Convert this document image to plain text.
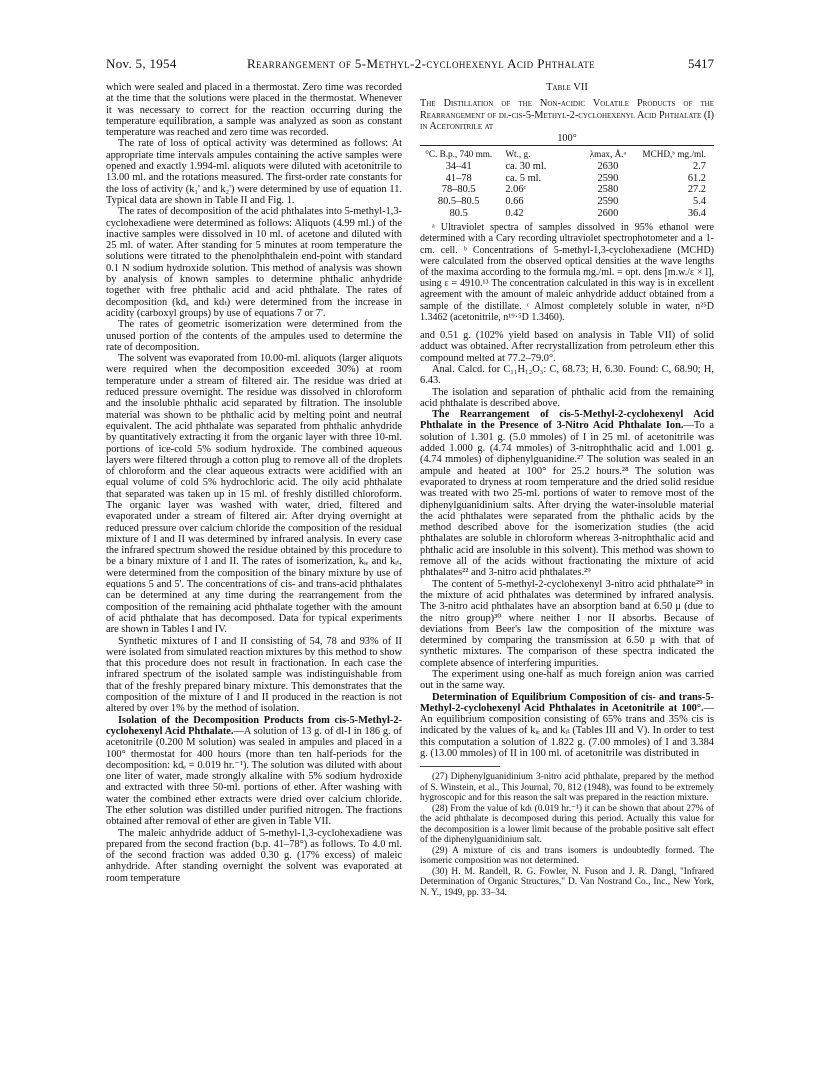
Nov. 5, 1954	Rearrangement of 5-Methyl-2-cyclohexenyl Acid Phthalate	5417

which were sealed and placed in a thermostat. Zero time was recorded at the time that the solutions were placed in the thermostat. Whenever it was necessary to correct for the reaction occurring during the temperature equilibration, a sample was analyzed as soon as constant temperature was reached and zero time was recorded.

The rate of loss of optical activity was determined as follows: At appropriate time intervals ampules containing the active samples were opened and exactly 1.994-ml. aliquots were diluted with acetonitrile to 13.00 ml. and the rotations measured. The first-order rate constants for the loss of activity (k₁' and k₂') were determined by use of equation 11. Typical data are shown in Table II and Fig. 1.

The rates of decomposition of the acid phthalates into 5-methyl-1,3-cyclohexadiene were determined as follows: Aliquots (4.99 ml.) of the inactive samples were dissolved in 10 ml. of acetone and diluted with 25 ml. of water. After standing for 5 minutes at room temperature the solutions were titrated to the phenolphthalein end-point with standard 0.1 N sodium hydroxide solution. This method of analysis was shown by analysis of known samples to determine phthalic anhydride together with free phthalic acid and acid phthalate. The rates of decomposition (kdₐ and kdₜ) were determined from the increase in acidity (carboxyl groups) by use of equations 7 or 7'.

The rates of geometric isomerization were determined from the unused portion of the contents of the ampules used to determine the rate of decomposition.

The solvent was evaporated from 10.00-ml. aliquots (larger aliquots were required when the decomposition exceeded 30%) at room temperature under a stream of filtered air. The residue was dried at reduced pressure overnight. The residue was dissolved in chloroform and the insoluble phthalic acid separated by filtration. The insoluble material was shown to be phthalic acid by melting point and neutral equivalent. The acid phthalate was separated from phthalic anhydride by quantitatively extracting it from the organic layer with three 10-ml. portions of ice-cold 5% sodium hydroxide. The combined aqueous layers were filtered through a cotton plug to remove all of the droplets of chloroform and the clear aqueous extracts were acidified with an equal volume of cold 5% hydrochloric acid. The oily acid phthalate that separated was taken up in 15 ml. of freshly distilled chloroform. The organic layer was washed with water, dried, filtered and evaporated under a stream of filtered air. After drying overnight at reduced pressure over calcium chloride the composition of the residual mixture of I and II was determined by infrared analysis. In every case the infrared spectrum showed the residue obtained by this procedure to be a binary mixture of I and II. The rates of isomerization, kᵢₑ and kᵢₜ, were determined from the composition of the binary mixture by use of equations 5 and 5'. The concentrations of cis- and trans-acid phthalates can be determined at any time during the rearrangement from the composition of the remaining acid phthalate together with the amount of acid phthalate that has decomposed. Data for typical experiments are shown in Tables I and IV.

Synthetic mixtures of I and II consisting of 54, 78 and 93% of II were isolated from simulated reaction mixtures by this method to show that this procedure does not result in fractionation. In each case the infrared spectrum of the isolated sample was indistinguishable from that of the freshly prepared binary mixture. This demonstrates that the composition of the mixture of I and II produced in the reaction is not altered by over 1% by the method of isolation.

Isolation of the Decomposition Products from cis-5-Methyl-2-cyclohexenyl Acid Phthalate.—A solution of 13 g. of dl-I in 186 g. of acetonitrile (0.200 M solution) was sealed in ampules and placed in a 100° thermostat for 400 hours (more than ten half-periods for the decomposition: kdₑ = 0.019 hr.⁻¹). The solution was diluted with about one liter of water, made strongly alkaline with 5% sodium hydroxide and extracted with three 50-ml. portions of ether. After washing with water the combined ether extracts were dried over calcium chloride. The ether solution was distilled under purified nitrogen. The fractions obtained after removal of ether are given in Table VII.

The maleic anhydride adduct of 5-methyl-1,3-cyclohexadiene was prepared from the second fraction (b.p. 41–78°) as follows. To 4.0 ml. of the second fraction was added 0.30 g. (17% excess) of maleic anhydride. After standing overnight the solvent was evaporated at room temperature

Table VII
The Distillation of the Non-acidic Volatile Products of the Rearrangement of dl-cis-5-Methyl-2-cyclohexenyl Acid Phthalate (I) in Acetonitrile at
100°
°C. B.p., 740 mm.	Wt., g.	λmax, Å.ᵃ	MCHD,ᵇ mg./ml.
34–41	ca. 30 ml.	2630	2.7
41–78	ca. 5 ml.	2590	61.2
78–80.5	2.06ᶜ	2580	27.2
80.5–80.5	0.66	2590	5.4
80.5	0.42	2600	36.4

ᵃ Ultraviolet spectra of samples dissolved in 95% ethanol were determined with a Cary recording ultraviolet spectrophotometer and a 1-cm. cell. ᵇ Concentrations of 5-methyl-1,3-cyclohexadiene (MCHD) were calculated from the observed optical densities at the wave lengths of the maxima according to the formula mg./ml. = opt. dens [m.w./ε × l], using ε = 4910.¹³ The concentration calculated in this way is in excellent agreement with the amount of maleic anhydride adduct obtained from a sample of the distillate. ᶜ Almost completely soluble in water, n²⁵D 1.3462 (acetonitrile, n¹⁹·⁵D 1.3460).

and 0.51 g. (102% yield based on analysis in Table VII) of solid adduct was obtained. After recrystallization from petroleum ether this compound melted at 77.2–79.0°.

Anal. Calcd. for C₁₁H₁₂O₃: C, 68.73; H, 6.30. Found: C, 68.90; H, 6.43.

The isolation and separation of phthalic acid from the remaining acid phthalate is described above.

The Rearrangement of cis-5-Methyl-2-cyclohexenyl Acid Phthalate in the Presence of 3-Nitro Acid Phthalate Ion.—To a solution of 1.301 g. (5.0 mmoles) of I in 25 ml. of acetonitrile was added 1.000 g. (4.74 mmoles) of 3-nitrophthalic acid and 1.001 g. (4.74 mmoles) of diphenylguanidine.²⁷ The solution was sealed in an ampule and heated at 100° for 25.2 hours.²⁸ The solution was evaporated to dryness at room temperature and the dried solid residue was treated with two 25-ml. portions of water to remove most of the diphenylguanidinium salts. After drying the water-insoluble material the acid phthalates were separated from the phthalic acids by the method described above for the isomerization studies (the acid phthalates are soluble in chloroform whereas 3-nitrophthalic acid and phthalic acid are insoluble in this solvent). This method was shown to remove all of the acids without fractionating the mixture of acid phthalates²² and 3-nitro acid phthalates.²⁹

The content of 5-methyl-2-cyclohexenyl 3-nitro acid phthalate²⁹ in the mixture of acid phthalates was determined by infrared analysis. The 3-nitro acid phthalates have an absorption band at 6.50 μ (due to the nitro group)³⁰ where neither I nor II absorbs. Because of deviations from Beer's law the composition of the mixture was determined by comparing the transmission at 6.50 μ with that of synthetic mixtures. The comparison of these spectra indicated the complete absence of interfering impurities.

The experiment using one-half as much foreign anion was carried out in the same way.

Determination of Equilibrium Composition of cis- and trans-5-Methyl-2-cyclohexenyl Acid Phthalates in Acetonitrile at 100°.—An equilibrium composition consisting of 65% trans and 35% cis is indicated by the values of kᵢₑ and kᵢₜ (Tables III and V). In order to test this computation a solution of 1.822 g. (7.00 mmoles) of I and 3.384 g. (13.00 mmoles) of II in 100 ml. of acetonitrile was distributed in

(27) Diphenylguanidinium 3-nitro acid phthalate, prepared by the method of S. Winstein, et al., This Journal, 70, 812 (1948), was found to be extremely hygroscopic and for this reason the salt was prepared in the reaction mixture.

(28) From the value of kdₜ (0.019 hr.⁻¹) it can be shown that about 27% of the acid phthalate is decomposed during this period. Actually this value for the decomposition is a lower limit because of the probable positive salt effect of the diphenylguanidinium salt.

(29) A mixture of cis and trans isomers is undoubtedly formed. The isomeric composition was not determined.

(30) H. M. Randell, R. G. Fowler, N. Fuson and J. R. Dangl, "Infrared Determination of Organic Structures," D. Van Nostrand Co., Inc., New York, N. Y., 1949, pp. 33–34.
